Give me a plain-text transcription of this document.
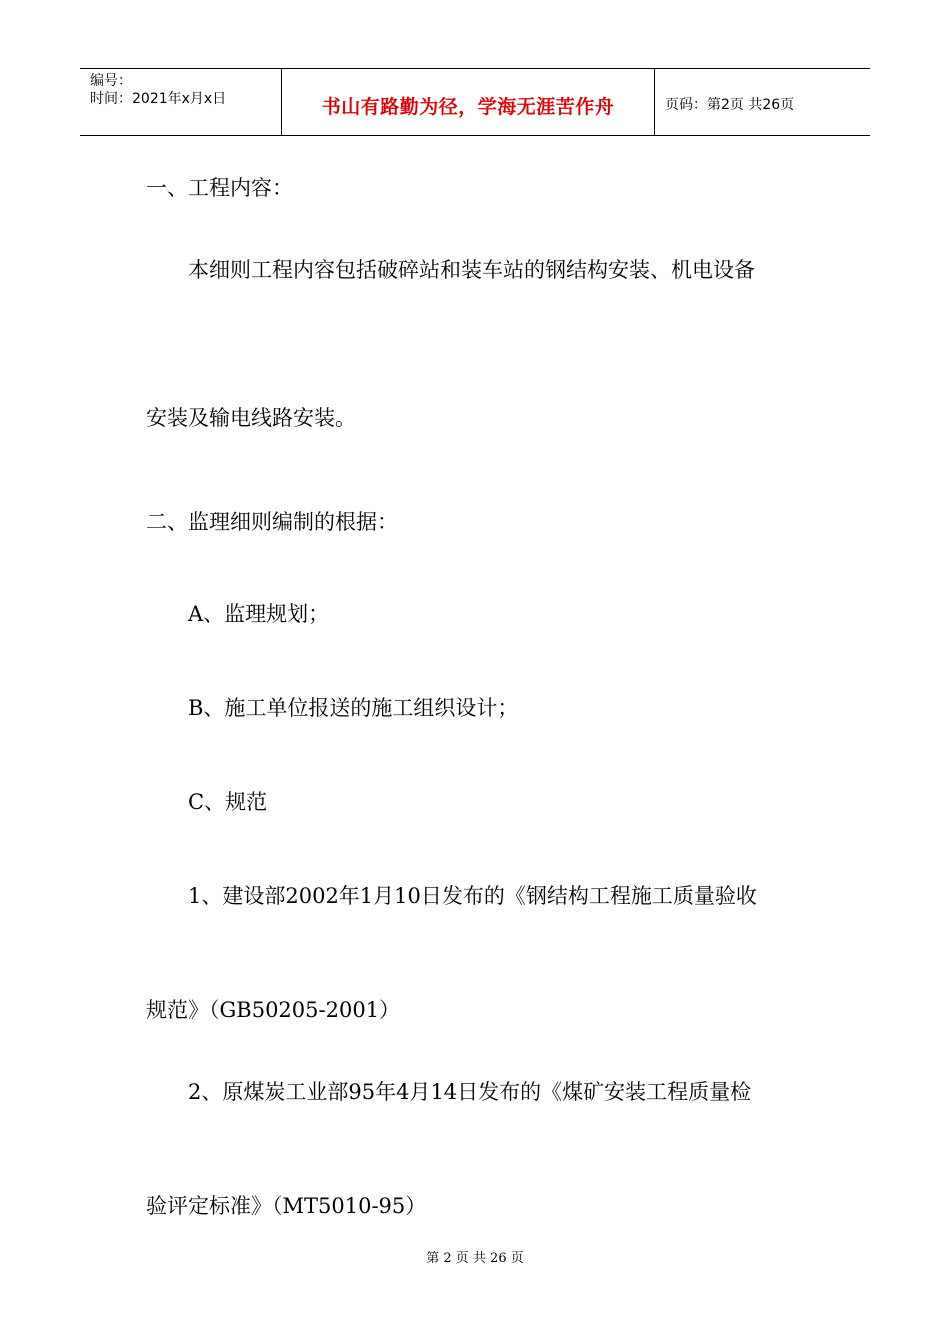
编号：
时间：2021年x月x日	书山有路勤为径，学海无涯苦作舟	页码：第2页 共26页
一、工程内容：
本细则工程内容包括破碎站和装车站的钢结构安装、机电设备
安装及输电线路安装。
二、监理细则编制的根据：
A、监理规划；
B、施工单位报送的施工组织设计；
C、规范
1、建设部2002年1月10日发布的《钢结构工程施工质量验收
规范》（GB50205-2001）
2、原煤炭工业部95年4月14日发布的《煤矿安装工程质量检
验评定标准》（MT5010-95）
第 2 页 共 26 页
